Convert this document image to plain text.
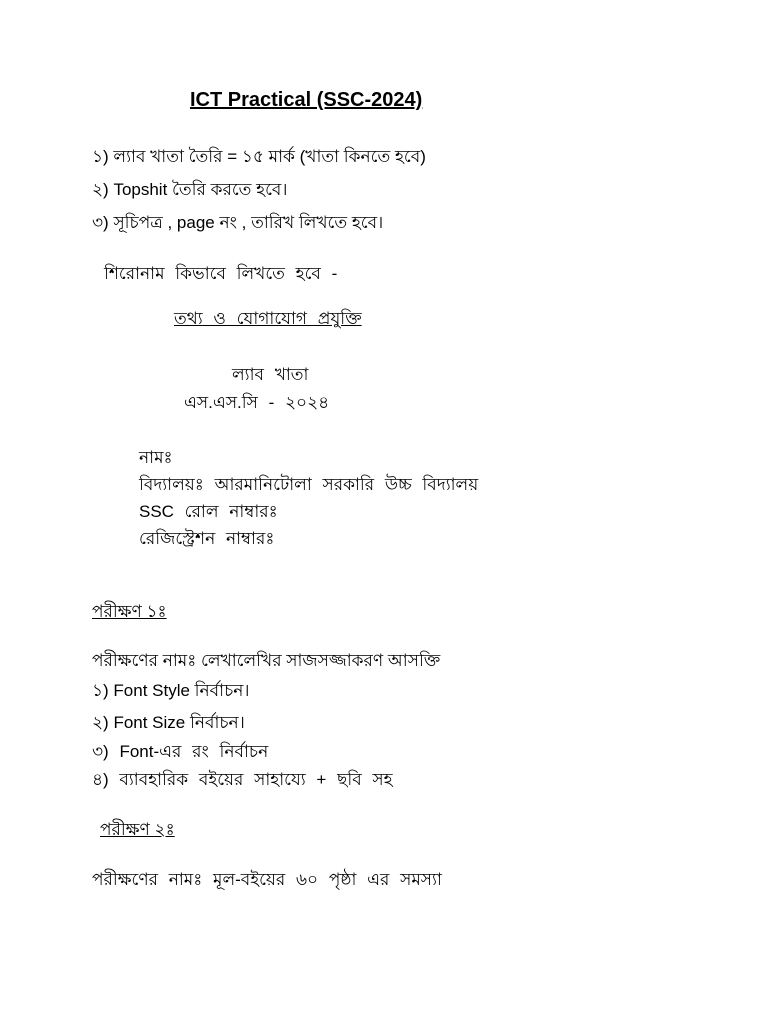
ICT Practical (SSC-2024)
১) ল্যাব খাতা তৈরি = ১৫ মার্ক (খাতা কিনতে হবে)
২) Topshit তৈরি করতে হবে।
৩) সূচিপত্র , page নং , তারিখ লিখতে হবে।
শিরোনাম কিভাবে লিখতে হবে -
তথ্য ও যোগাযোগ প্রযুক্তি
ল্যাব খাতা
এস.এস.সি - ২০২৪
নামঃ
বিদ্যালয়ঃ আরমানিটোলা সরকারি উচ্চ বিদ্যালয়
SSC রোল নাম্বারঃ
রেজিস্ট্রেশন নাম্বারঃ
পরীক্ষণ ১ঃ
পরীক্ষণের নামঃ লেখালেখির সাজসজ্জাকরণ আসক্তি
১) Font Style নির্বাচন।
২) Font Size নির্বাচন।
৩) Font-এর রং নির্বাচন
৪) ব্যাবহারিক বইয়ের সাহায্যে + ছবি সহ
পরীক্ষণ ২ঃ
পরীক্ষণের নামঃ মূল-বইয়ের ৬০ পৃষ্ঠা এর সমস্যা
